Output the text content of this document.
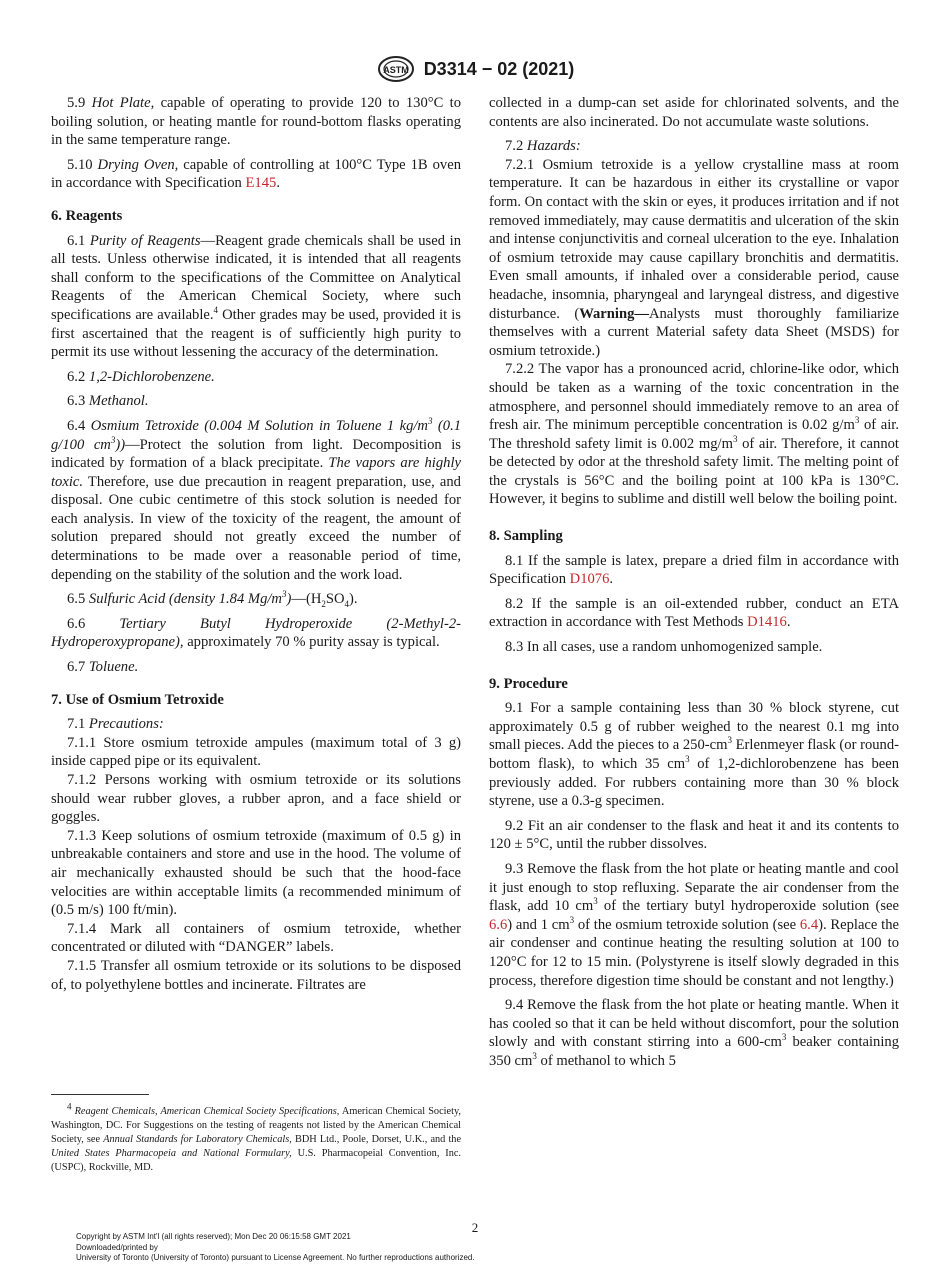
ASTM D3314 − 02 (2021)

5.9 Hot Plate, capable of operating to provide 120 to 130°C to boiling solution, or heating mantle for round-bottom flasks operating in the same temperature range.

5.10 Drying Oven, capable of controlling at 100°C Type 1B oven in accordance with Specification E145.

6. Reagents

6.1 Purity of Reagents—Reagent grade chemicals shall be used in all tests. Unless otherwise indicated, it is intended that all reagents shall conform to the specifications of the Committee on Analytical Reagents of the American Chemical Society, where such specifications are available.$^4$ Other grades may be used, provided it is first ascertained that the reagent is of sufficiently high purity to permit its use without lessening the accuracy of the determination.

6.2 1,2-Dichlorobenzene.

6.3 Methanol.

6.4 Osmium Tetroxide (0.004 M Solution in Toluene 1 $kg/m^3$ (0.1 g/100 $cm^3))—Protect$ the solution from light. Decomposition is indicated by formation of a black precipitate. The vapors are highly toxic. Therefore, use due precaution in reagent preparation, use, and disposal. One cubic centimetre of this stock solution is needed for each analysis. In view of the toxicity of the reagent, the amount of solution prepared should not greatly exceed the number of determinations to be made over a reasonable period of time, depending on the stability of the solution and the work load.

6.5 Sulfuric Acid (density 1.84 $Mg/m^3)—(H_2SO_4)$.

6.6 Tertiary Butyl Hydroperoxide (2-Methyl-2-Hydroperoxypropane), approximately 70 % purity assay is typical.

6.7 Toluene.

7. Use of Osmium Tetroxide

7.1 Precautions:

7.1.1 Store osmium tetroxide ampules (maximum total of 3 g) inside capped pipe or its equivalent.

7.1.2 Persons working with osmium tetroxide or its solutions should wear rubber gloves, a rubber apron, and a face shield or goggles.

7.1.3 Keep solutions of osmium tetroxide (maximum of 0.5 g) in unbreakable containers and store and use in the hood. The volume of air mechanically exhausted should be such that the hood-face velocities are within acceptable limits (a recommended minimum of (0.5 m/s) 100 ft/min).

7.1.4 Mark all containers of osmium tetroxide, whether concentrated or diluted with “DANGER” labels.

7.1.5 Transfer all osmium tetroxide or its solutions to be disposed of, to polyethylene bottles and incinerate. Filtrates are

$^4$ Reagent Chemicals, American Chemical Society Specifications, American Chemical Society, Washington, DC. For Suggestions on the testing of reagents not listed by the American Chemical Society, see Annual Standards for Laboratory Chemicals, BDH Ltd., Poole, Dorset, U.K., and the United States Pharmacopeia and National Formulary, U.S. Pharmacopeial Convention, Inc. (USPC), Rockville, MD.

collected in a dump-can set aside for chlorinated solvents, and the contents are also incinerated. Do not accumulate waste solutions.

7.2 Hazards:

7.2.1 Osmium tetroxide is a yellow crystalline mass at room temperature. It can be hazardous in either its crystalline or vapor form. On contact with the skin or eyes, it produces irritation and if not removed immediately, may cause dermatitis and ulceration of the skin and intense conjunctivitis and corneal ulceration to the eye. Inhalation of osmium tetroxide may cause capillary bronchitis and dermatitis. Even small amounts, if inhaled over a considerable period, cause headache, insomnia, pharyngeal and laryngeal distress, and digestive disturbance. (Warning—Analysts must thoroughly familiarize themselves with a current Material safety data Sheet (MSDS) for osmium tetroxide.)

7.2.2 The vapor has a pronounced acrid, chlorine-like odor, which should be taken as a warning of the toxic concentration in the atmosphere, and personnel should immediately remove to an area of fresh air. The minimum perceptible concentration is 0.02 $g/m^3$ of air. The threshold safety limit is 0.002 $mg/m^3$ of air. Therefore, it cannot be detected by odor at the threshold safety limit. The melting point of the crystals is 56°C and the boiling point at 100 kPa is 130°C. However, it begins to sublime and distill well below the boiling point.

8. Sampling

8.1 If the sample is latex, prepare a dried film in accordance with Specification D1076.

8.2 If the sample is an oil-extended rubber, conduct an ETA extraction in accordance with Test Methods D1416.

8.3 In all cases, use a random unhomogenized sample.

9. Procedure

9.1 For a sample containing less than 30 % block styrene, cut approximately 0.5 g of rubber weighed to the nearest 0.1 mg into small pieces. Add the pieces to a $250-cm^3$ Erlenmeyer flask (or round-bottom flask), to which 35 $cm^3$ of 1,2-dichlorobenzene has been previously added. For rubbers containing more than 30 % block styrene, use a 0.3-g specimen.

9.2 Fit an air condenser to the flask and heat it and its contents to 120 ± 5°C, until the rubber dissolves.

9.3 Remove the flask from the hot plate or heating mantle and cool it just enough to stop refluxing. Separate the air condenser from the flask, add 10 $cm^3$ of the tertiary butyl hydroperoxide solution (see 6.6) and 1 $cm^3$ of the osmium tetroxide solution (see 6.4). Replace the air condenser and continue heating the resulting solution at 100 to 120°C for 12 to 15 min. (Polystyrene is itself slowly degraded in this process, therefore digestion time should be constant and not lengthy.)

9.4 Remove the flask from the hot plate or heating mantle. When it has cooled so that it can be held without discomfort, pour the solution slowly and with constant stirring into a $600-cm^3$ beaker containing 350 $cm^3$ of methanol to which 5

2
Copyright by ASTM Int'l (all rights reserved); Mon Dec 20 06:15:58 GMT 2021
Downloaded/printed by
University of Toronto (University of Toronto) pursuant to License Agreement. No further reproductions authorized.
